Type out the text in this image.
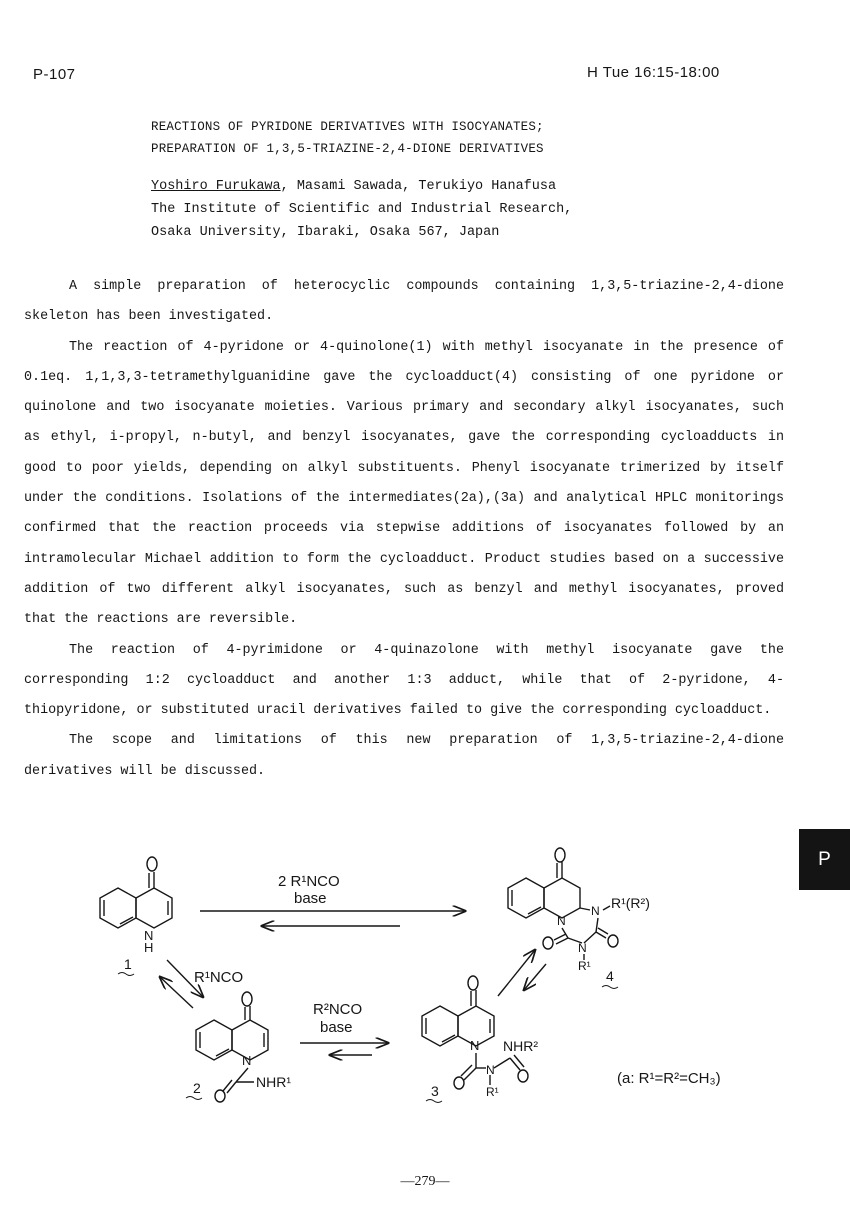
P-107	H Tue 16:15-18:00
REACTIONS OF PYRIDONE DERIVATIVES WITH ISOCYANATES;
PREPARATION OF 1,3,5-TRIAZINE-2,4-DIONE DERIVATIVES
Yoshiro Furukawa, Masami Sawada, Terukiyo Hanafusa
The Institute of Scientific and Industrial Research,
Osaka University, Ibaraki, Osaka 567, Japan

A simple preparation of heterocyclic compounds containing 1,3,5-triazine-2,4-dione skeleton has been investigated.

The reaction of 4-pyridone or 4-quinolone(1) with methyl isocyanate in the presence of 0.1eq. 1,1,3,3-tetramethylguanidine gave the cycloadduct(4) consisting of one pyridone or quinolone and two isocyanate moieties. Various primary and secondary alkyl isocyanates, such as ethyl, i-propyl, n-butyl, and benzyl isocyanates, gave the corresponding cycloadducts in good to poor yields, depending on alkyl substituents. Phenyl isocyanate trimerized by itself under the conditions. Isolations of the intermediates(2a),(3a) and analytical HPLC monitorings confirmed that the reaction proceeds via stepwise additions of isocyanates followed by an intramolecular Michael addition to form the cycloadduct. Product studies based on a successive addition of two different alkyl isocyanates, such as benzyl and methyl isocyanates, proved that the reactions are reversible.

The reaction of 4-pyrimidone or 4-quinazolone with methyl isocyanate gave the corresponding 1:2 cycloadduct and another 1:3 adduct, while that of 2-pyridone, 4-thiopyridone, or substituted uracil derivatives failed to give the corresponding cycloadduct.

The scope and limitations of this new preparation of 1,3,5-triazine-2,4-dione derivatives will be discussed.

P
N
H
1
2 R¹NCO
base
R¹NCO
N
NHR¹
2
R²NCO
base
N
N
NHR²
R¹
3
N
N
N
R¹(R²)
R¹
4
(a: R¹=R²=CH₃)
—279—
